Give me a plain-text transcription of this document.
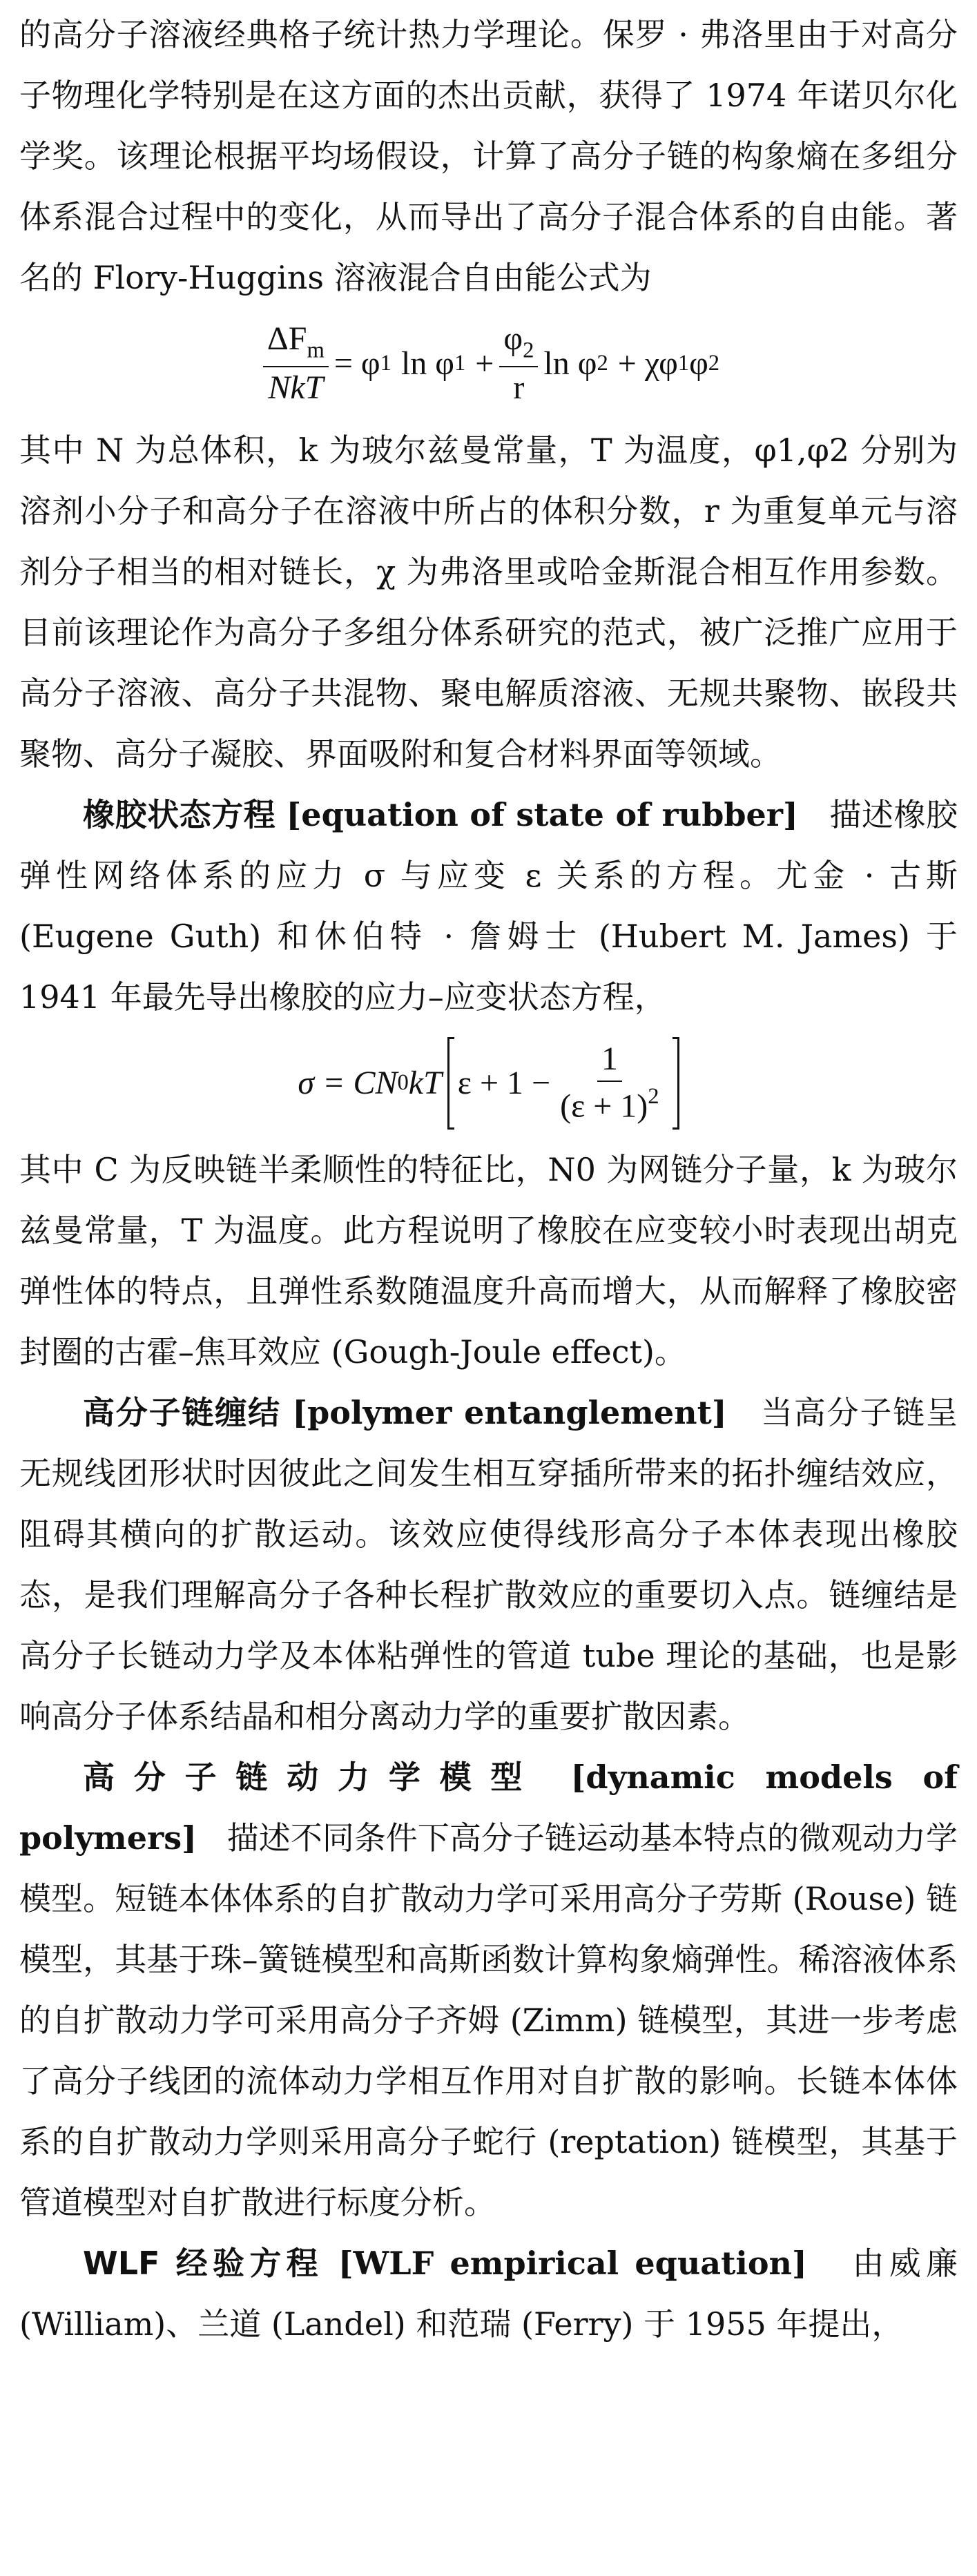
的高分子溶液经典格子统计热力学理论。保罗 · 弗洛里由于对高分子物理化学特别是在这方面的杰出贡献，获得了 1974 年诺贝尔化学奖。该理论根据平均场假设，计算了高分子链的构象熵在多组分体系混合过程中的变化，从而导出了高分子混合体系的自由能。著名的 Flory-Huggins 溶液混合自由能公式为

$\frac{\Delta F_m}{\text{NkT}} = \varphi$ 1 ln φ $1 + \frac{\varphi_2}{r}$ ln φ 2 + χφ 1 φ 2

其中 N 为总体积，k 为玻尔兹曼常量，T 为温度，φ1,φ2 分别为溶剂小分子和高分子在溶液中所占的体积分数，r 为重复单元与溶剂分子相当的相对链长，χ 为弗洛里或哈金斯混合相互作用参数。目前该理论作为高分子多组分体系研究的范式，被广泛推广应用于高分子溶液、高分子共混物、聚电解质溶液、无规共聚物、嵌段共聚物、高分子凝胶、界面吸附和复合材料界面等领域。

橡胶状态方程 [equation of state of rubber] 描述橡胶弹性网络体系的应力 σ 与应变 ε 关系的方程。尤金 · 古斯 (Eugene Guth) 和休伯特 · 詹姆士 (Hubert M. James) 于 1941 年最先导出橡胶的应力–应变状态方程，

σ = CN 0 kT $\varepsilon + 1 - \frac{1}{(\varepsilon + 1)^2}$

其中 C 为反映链半柔顺性的特征比，N0 为网链分子量，k 为玻尔兹曼常量，T 为温度。此方程说明了橡胶在应变较小时表现出胡克弹性体的特点，且弹性系数随温度升高而增大，从而解释了橡胶密封圈的古霍–焦耳效应 (Gough-Joule effect)。

高分子链缠结 [polymer entanglement] 当高分子链呈无规线团形状时因彼此之间发生相互穿插所带来的拓扑缠结效应，阻碍其横向的扩散运动。该效应使得线形高分子本体表现出橡胶态，是我们理解高分子各种长程扩散效应的重要切入点。链缠结是高分子长链动力学及本体粘弹性的管道 tube 理论的基础，也是影响高分子体系结晶和相分离动力学的重要扩散因素。

高分子链动力学模型 [dynamic models of polymers] 描述不同条件下高分子链运动基本特点的微观动力学模型。短链本体体系的自扩散动力学可采用高分子劳斯 (Rouse) 链模型，其基于珠–簧链模型和高斯函数计算构象熵弹性。稀溶液体系的自扩散动力学可采用高分子齐姆 (Zimm) 链模型，其进一步考虑了高分子线团的流体动力学相互作用对自扩散的影响。长链本体体系的自扩散动力学则采用高分子蛇行 (reptation) 链模型，其基于管道模型对自扩散进行标度分析。

WLF 经验方程 [WLF empirical equation] 由威廉 (William)、兰道 (Landel) 和范瑞 (Ferry) 于 1955 年提出，
